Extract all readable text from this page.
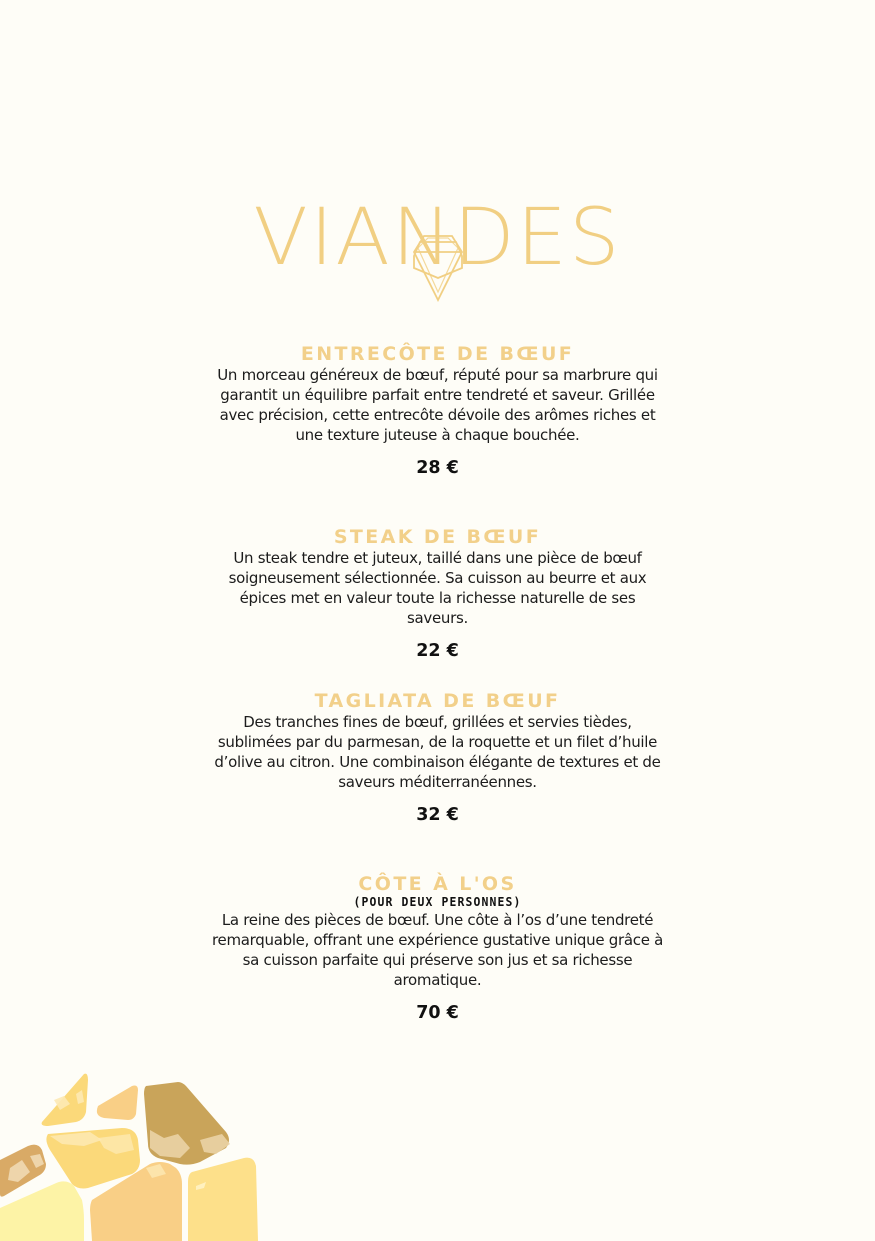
VIANDES
ENTRECÔTE DE BŒUF
Un morceau généreux de bœuf, réputé pour sa marbrure qui garantit un équilibre parfait entre tendreté et saveur. Grillée avec précision, cette entrecôte dévoile des arômes riches et une texture juteuse à chaque bouchée.
28 €
STEAK DE BŒUF
Un steak tendre et juteux, taillé dans une pièce de bœuf soigneusement sélectionnée. Sa cuisson au beurre et aux épices met en valeur toute la richesse naturelle de ses saveurs.
22 €
TAGLIATA DE BŒUF
Des tranches fines de bœuf, grillées et servies tièdes, sublimées par du parmesan, de la roquette et un filet d’huile d’olive au citron. Une combinaison élégante de textures et de saveurs méditerranéennes.
32 €
CÔTE À L'OS
(POUR DEUX PERSONNES)
La reine des pièces de bœuf. Une côte à l’os d’une tendreté remarquable, offrant une expérience gustative unique grâce à sa cuisson parfaite qui préserve son jus et sa richesse aromatique.
70 €
